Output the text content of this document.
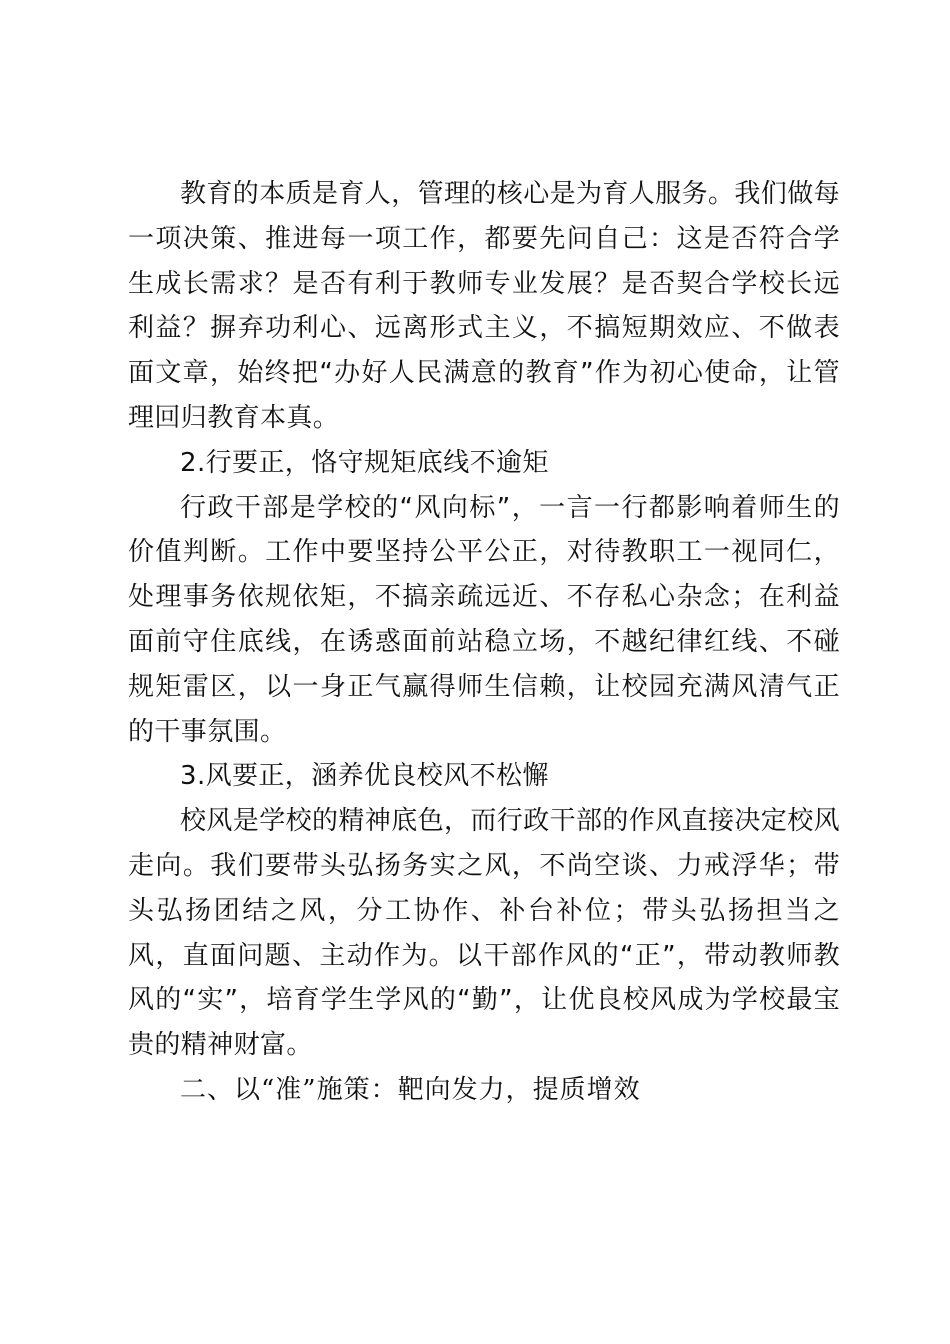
教育的本质是育人，管理的核心是为育人服务。我们做每一项决策、推进每一项工作，都要先问自己：这是否符合学生成长需求？是否有利于教师专业发展？是否契合学校长远利益？摒弃功利心、远离形式主义，不搞短期效应、不做表面文章，始终把“办好人民满意的教育”作为初心使命，让管理回归教育本真。

2.行要正，恪守规矩底线不逾矩

行政干部是学校的“风向标”，一言一行都影响着师生的价值判断。工作中要坚持公平公正，对待教职工一视同仁，处理事务依规依矩，不搞亲疏远近、不存私心杂念；在利益面前守住底线，在诱惑面前站稳立场，不越纪律红线、不碰规矩雷区，以一身正气赢得师生信赖，让校园充满风清气正的干事氛围。

3.风要正，涵养优良校风不松懈

校风是学校的精神底色，而行政干部的作风直接决定校风走向。我们要带头弘扬务实之风，不尚空谈、力戒浮华；带头弘扬团结之风，分工协作、补台补位；带头弘扬担当之风，直面问题、主动作为。以干部作风的“正”，带动教师教风的“实”，培育学生学风的“勤”，让优良校风成为学校最宝贵的精神财富。

二、以“准”施策：靶向发力，提质增效
